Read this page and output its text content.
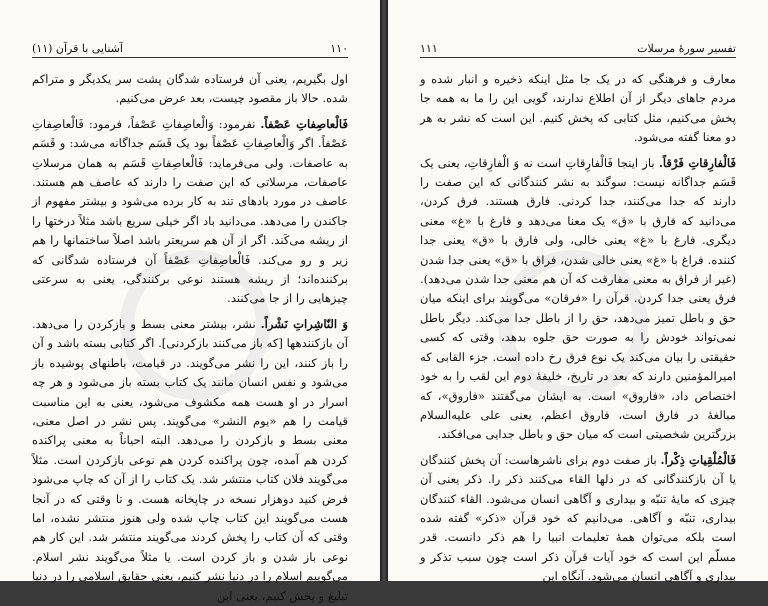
۱۱۰
آشنایی با قرآن (۱۱)

اول بگیریم، یعنی آن فرستاده شدگان پشت سر یکدیگر و متراکم شده. حالا باز مقصود چیست، بعد عرض می‌کنیم.

فَالْعاصِفاتِ عَصْفاً. نفرمود: وَالْعاصِفاتِ عَصْفاً، فرمود: فَالْعاصِفاتِ عَصْفاً. اگر وَالْعاصِفاتِ عَصْفاً بود یک قَسَم جداگانه می‌شد: و قَسَم به عاصفات. ولی می‌فرماید: فَالْعاصِفاتِ قَسَم به همان مرسلاتِ عاصفات، مرسلاتی که این صفت را دارند که عاصف هم هستند. عاصف در مورد بادهای تند به کار برده می‌شود و بیشتر مفهوم از جاکندن را می‌دهد. می‌دانید باد اگر خیلی سریع باشد مثلاً درختها را از ریشه می‌کَند. اگر از آن هم سریعتر باشد اصلاً ساختمانها را هم زیر و رو می‌کند. فَالْعاصِفاتِ عَصْفاً آن فرستاده شدگانی که برکننده‌اند؛ از ریشه هستند نوعی برکنندگی، یعنی به سرعتی چیزهایی را از جا می‌کنند.

وَ النّاشِراتِ نَشْراً. نشر، بیشتر معنی بسط و بازکردن را می‌دهد. آن بازکنندهها [که باز می‌کنند بازکردنی]. اگر کتابی بسته باشد و آن را باز کنند، این را نشر می‌گویند. در قیامت، باطنهای پوشیده باز می‌شود و نفس انسان مانند یک کتاب بسته باز می‌شود و هر چه اسرار در او هست همه مکشوف می‌شود، یعنی به این مناسبت قیامت را هم «یوم النشر» می‌گویند. پس نشر در اصل معنی، معنی بسط و بازکردن را می‌دهد. البته احیاناً به معنی پراکنده کردن هم آمده، چون پراکنده کردن هم نوعی بازکردن است. مثلاً می‌گویند فلان کتاب منتشر شد. یک کتاب را از آن که چاپ می‌شود فرض کنید دوهزار نسخه در چاپخانه هست. و تا وقتی که در آنجا هست می‌گویند این کتاب چاپ شده ولی هنوز منتشر نشده، اما وقتی که آن کتاب را پخش کردند می‌گویند منتشر شد. این کار هم نوعی باز شدن و باز کردن است. یا مثلاً می‌گویند نشر اسلام. می‌گوییم اسلام را در دنیا نشر کنیم، یعنی حقایق اسلامی را در دنیا تبلیغ و پخش کنیم، یعنی این

۱۱۱	تفسیر سورهٔ مرسلات

معارف و فرهنگی که در یک جا مثل اینکه ذخیره و انبار شده و مردم جاهای دیگر از آن اطلاع ندارند، گویی این را ما به همه جا پخش می‌کنیم، مثل کتابی که پخش کنیم. این است که نشر به هر دو معنا گفته می‌شود.

فَالْفارِقاتِ فَرْقاً. باز اینجا فَالْفارِقاتِ است نه وَ الْفارِقاتِ، یعنی یک قَسَم جداگانه نیست: سوگند به نشر کنندگانی که این صفت را دارند که جدا می‌کنند، جدا کردنی. فارق هستند. فرق کردن، می‌دانید که فارق با «ق» یک معنا می‌دهد و فارغ با «غ» معنی دیگری. فارغ با «غ» یعنی خالی، ولی فارق با «ق» یعنی جدا کننده. فراغ با «غ» یعنی خالی شدن، فراق با «ق» یعنی جدا شدن (غیر از فراق به معنی مفارقت که آن هم معنی جدا شدن می‌دهد). فرق یعنی جدا کردن. قرآن را «فرقان» می‌گویند برای اینکه میان حق و باطل تمیز می‌دهد، حق را از باطل جدا می‌کند. دیگر باطل نمی‌تواند خودش را به صورت حق جلوه بدهد، وقتی که کسی حقیقتی را بیان می‌کند یک نوع فرق رخ داده است. جزء القابی که امیرالمؤمنین دارند که بعد در تاریخ، خلیفهٔ دوم این لقب را به خود اختصاص داد، «فاروق» است. به ایشان می‌گفتند «فاروق»، که مبالغهٔ در فارق است، فاروق اعظم، یعنی علی علیه‌السلام بزرگترین شخصیتی است که میان حق و باطل جدایی می‌افکند.

فَالْمُلْقِیاتِ ذِکْراً. باز صفت دوم برای ناشرهاست: آن پخش کنندگان یا آن بازکنندگانی که در دلها القاء می‌کنند ذکر را. ذکر یعنی آن چیزی که مایهٔ تنبّه و بیداری و آگاهی انسان می‌شود. القاء کنندگان بیداری، تنبّه و آگاهی. می‌دانیم که خود قرآن «ذکر» گفته شده است بلکه می‌توان همهٔ تعلیمات انبیا را هم ذکر دانست. قدر مسلّم این است که خود آیات قرآن ذکر است چون سبب تذکر و بیداری و آگاهی انسان می‌شود. آنگاه این
